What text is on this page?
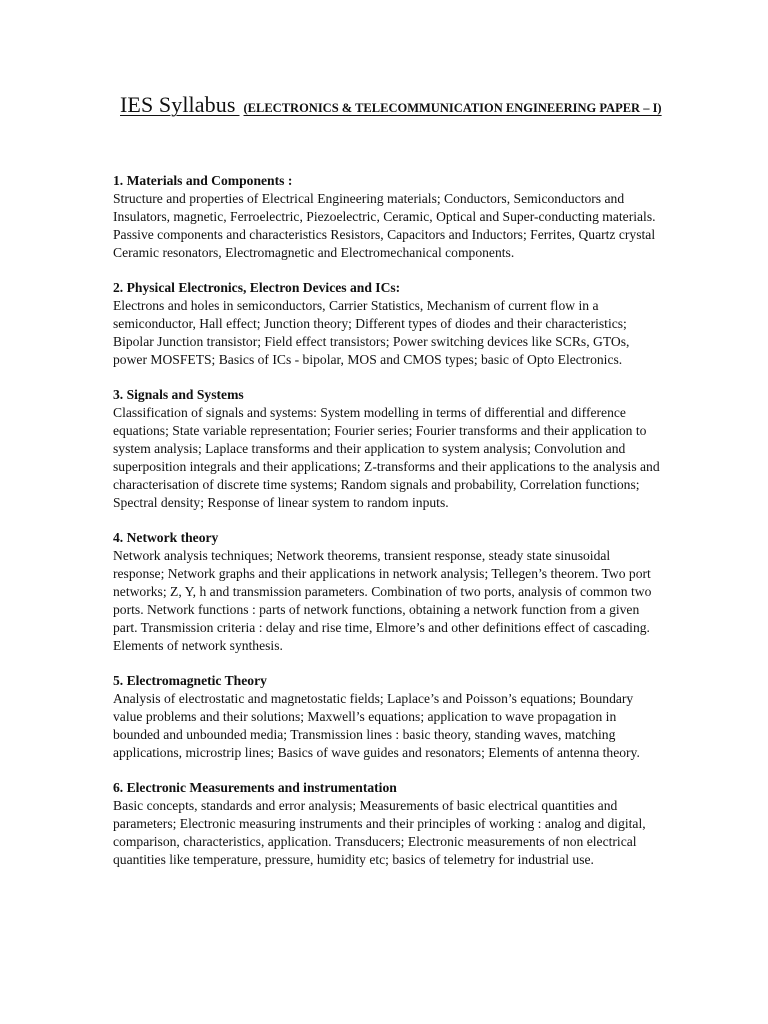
IES Syllabus (ELECTRONICS & TELECOMMUNICATION ENGINEERING PAPER – I)

1. Materials and Components :

Structure and properties of Electrical Engineering materials; Conductors, Semiconductors and Insulators, magnetic, Ferroelectric, Piezoelectric, Ceramic, Optical and Super-conducting materials.

Passive components and characteristics Resistors, Capacitors and Inductors; Ferrites, Quartz crystal Ceramic resonators, Electromagnetic and Electromechanical components.

2. Physical Electronics, Electron Devices and ICs:

Electrons and holes in semiconductors, Carrier Statistics, Mechanism of current flow in a semiconductor, Hall effect; Junction theory; Different types of diodes and their characteristics; Bipolar Junction transistor; Field effect transistors; Power switching devices like SCRs, GTOs, power MOSFETS; Basics of ICs - bipolar, MOS and CMOS types; basic of Opto Electronics.

3. Signals and Systems

Classification of signals and systems: System modelling in terms of differential and difference equations; State variable representation; Fourier series; Fourier transforms and their application to system analysis; Laplace transforms and their application to system analysis; Convolution and superposition integrals and their applications; Z-transforms and their applications to the analysis and characterisation of discrete time systems; Random signals and probability, Correlation functions; Spectral density; Response of linear system to random inputs.

4. Network theory

Network analysis techniques; Network theorems, transient response, steady state sinusoidal response; Network graphs and their applications in network analysis; Tellegen’s theorem. Two port networks; Z, Y, h and transmission parameters. Combination of two ports, analysis of common two ports. Network functions : parts of network functions, obtaining a network function from a given part. Transmission criteria : delay and rise time, Elmore’s and other definitions effect of cascading. Elements of network synthesis.

5. Electromagnetic Theory

Analysis of electrostatic and magnetostatic fields; Laplace’s and Poisson’s equations; Boundary value problems and their solutions; Maxwell’s equations; application to wave propagation in bounded and unbounded media; Transmission lines : basic theory, standing waves, matching applications, microstrip lines; Basics of wave guides and resonators; Elements of antenna theory.

6. Electronic Measurements and instrumentation

Basic concepts, standards and error analysis; Measurements of basic electrical quantities and parameters; Electronic measuring instruments and their principles of working : analog and digital, comparison, characteristics, application. Transducers; Electronic measurements of non electrical quantities like temperature, pressure, humidity etc; basics of telemetry for industrial use.
